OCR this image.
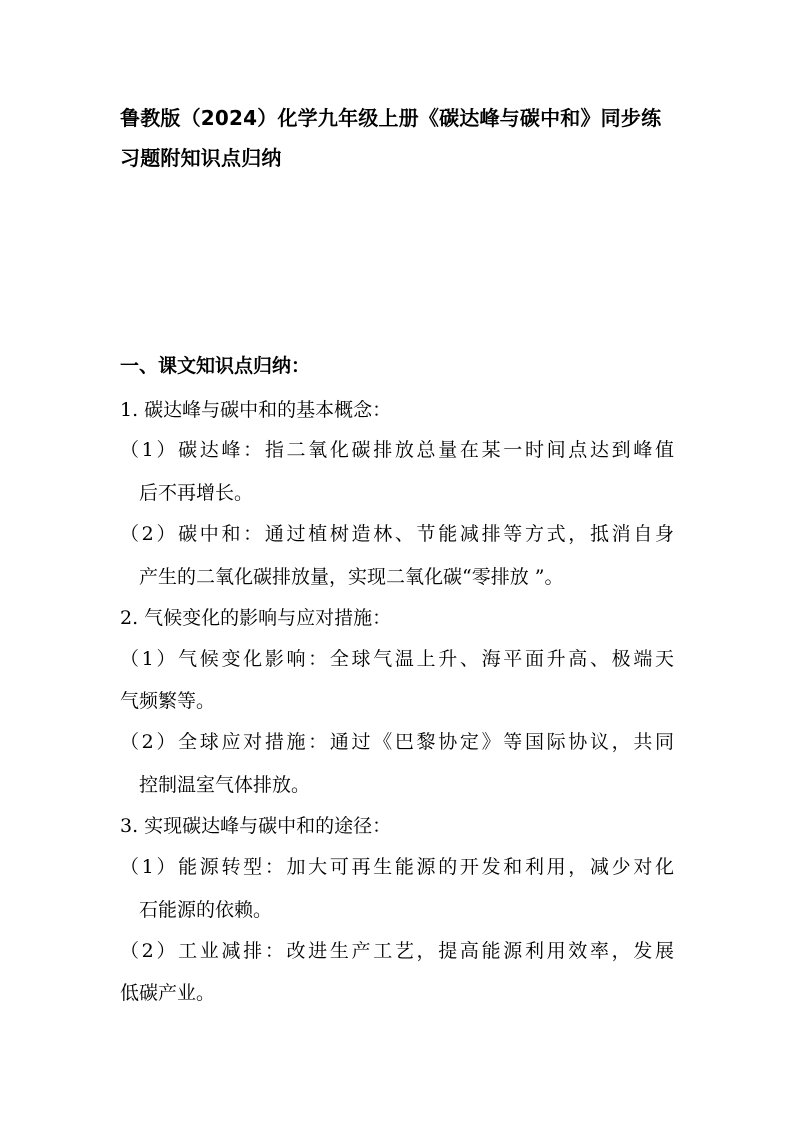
鲁教版（2024）化学九年级上册《碳达峰与碳中和》同步练习题附知识点归纳

一、课文知识点归纳：

1. 碳达峰与碳中和的基本概念：

（1）碳达峰：指二氧化碳排放总量在某一时间点达到峰值

后不再增长。

（2）碳中和：通过植树造林、节能减排等方式，抵消自身

产生的二氧化碳排放量，实现二氧化碳“零排放 ”。

2. 气候变化的影响与应对措施：

（1）气候变化影响：全球气温上升、海平面升高、极端天

气频繁等。

（2）全球应对措施：通过《巴黎协定》等国际协议，共同

控制温室气体排放。

3. 实现碳达峰与碳中和的途径：

（1）能源转型：加大可再生能源的开发和利用，减少对化

石能源的依赖。

（2）工业减排：改进生产工艺，提高能源利用效率，发展

低碳产业。
